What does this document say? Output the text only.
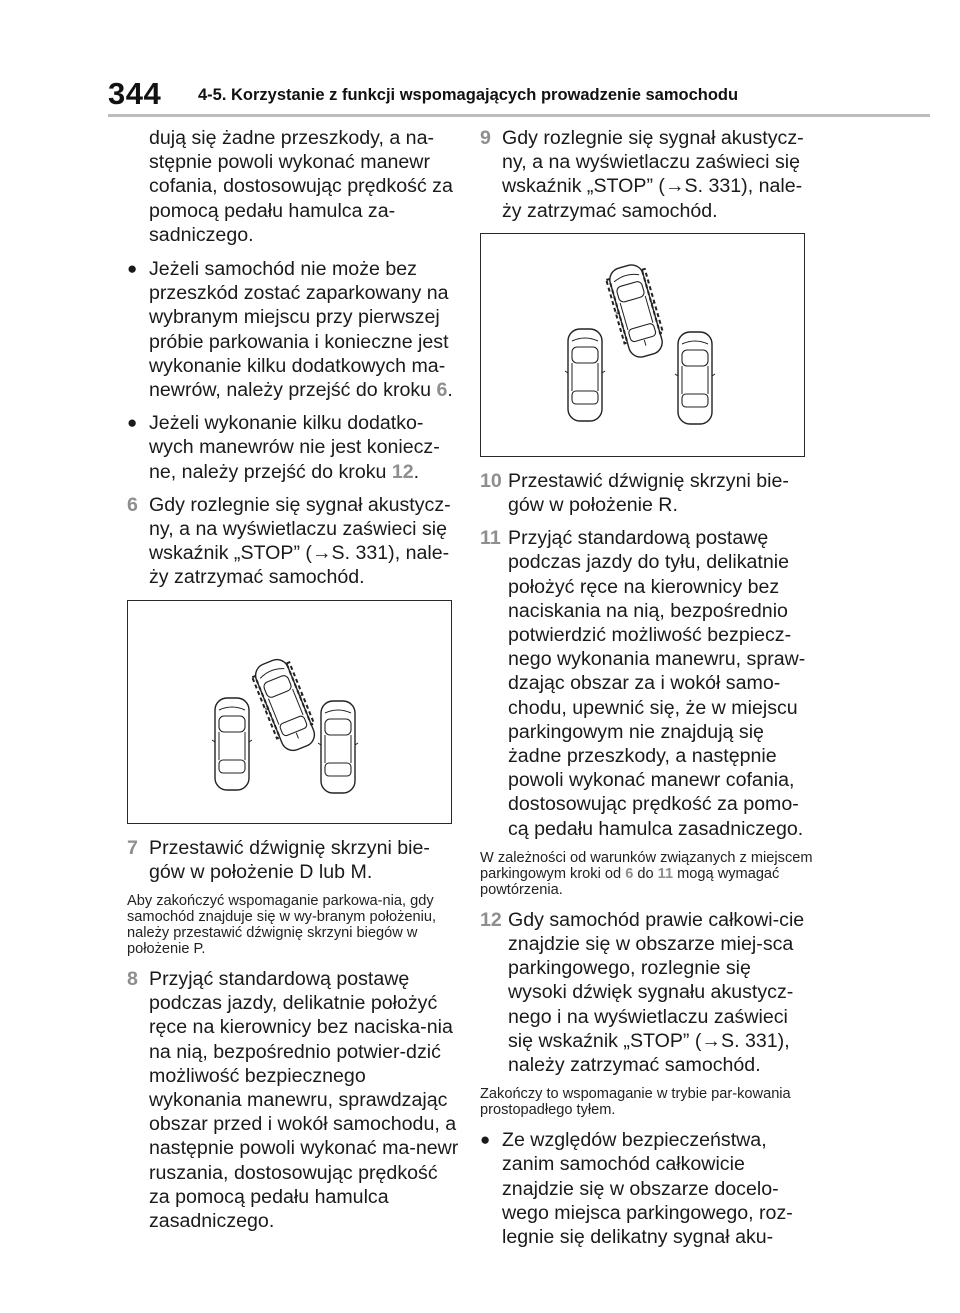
344 4-5. Korzystanie z funkcji wspomagających prowadzenie samochodu

dują się żadne przeszkody, a na-stępnie powoli wykonać manewr cofania, dostosowując prędkość za pomocą pedału hamulca za-sadniczego.

● Jeżeli samochód nie może bez przeszkód zostać zaparkowany na wybranym miejscu przy pierwszej próbie parkowania i konieczne jest wykonanie kilku dodatkowych ma-newrów, należy przejść do kroku 6.
● Jeżeli wykonanie kilku dodatko-wych manewrów nie jest koniecz-ne, należy przejść do kroku 12.
6 Gdy rozlegnie się sygnał akustycz-ny, a na wyświetlaczu zaświeci się wskaźnik „STOP” (→S. 331), nale-ży zatrzymać samochód.
7 Przestawić dźwignię skrzyni bie-gów w położenie D lub M.

Aby zakończyć wspomaganie parkowa-nia, gdy samochód znajduje się w wy-branym położeniu, należy przestawić dźwignię skrzyni biegów w położenie P.

8 Przyjąć standardową postawę podczas jazdy, delikatnie położyć ręce na kierownicy bez naciska-nia na nią, bezpośrednio potwier-dzić możliwość bezpiecznego wykonania manewru, sprawdzając obszar przed i wokół samochodu, a następnie powoli wykonać ma-newr ruszania, dostosowując prędkość za pomocą pedału hamulca zasadniczego.
9 Gdy rozlegnie się sygnał akustycz-ny, a na wyświetlaczu zaświeci się wskaźnik „STOP” (→S. 331), nale-ży zatrzymać samochód.
10 Przestawić dźwignię skrzyni bie-gów w położenie R.
11 Przyjąć standardową postawę podczas jazdy do tyłu, delikatnie położyć ręce na kierownicy bez naciskania na nią, bezpośrednio potwierdzić możliwość bezpiecz-nego wykonania manewru, spraw-dzając obszar za i wokół samo-chodu, upewnić się, że w miejscu parkingowym nie znajdują się żadne przeszkody, a następnie powoli wykonać manewr cofania, dostosowując prędkość za pomo-cą pedału hamulca zasadniczego.

W zależności od warunków związanych z miejscem parkingowym kroki od 6 do 11 mogą wymagać powtórzenia.

12 Gdy samochód prawie całkowi-cie znajdzie się w obszarze miej-sca parkingowego, rozlegnie się wysoki dźwięk sygnału akustycz-nego i na wyświetlaczu zaświeci się wskaźnik „STOP” (→S. 331), należy zatrzymać samochód.

Zakończy to wspomaganie w trybie par-kowania prostopadłego tyłem.

● Ze względów bezpieczeństwa, zanim samochód całkowicie znajdzie się w obszarze docelo-wego miejsca parkingowego, roz-legnie się delikatny sygnał aku-
